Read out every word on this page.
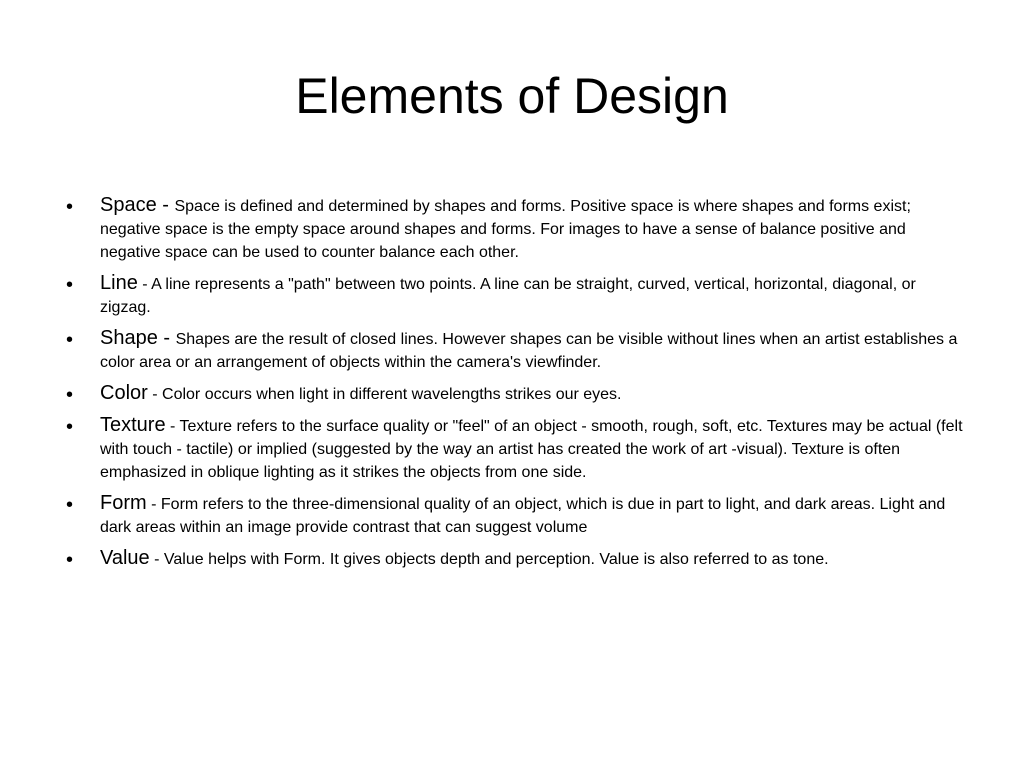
Elements of Design
• Space - Space is defined and determined by shapes and forms. Positive space is where shapes and forms exist; negative space is the empty space around shapes and forms. For images to have a sense of balance positive and negative space can be used to counter balance each other.
• Line - A line represents a "path" between two points. A line can be straight, curved, vertical, horizontal, diagonal, or zigzag.
• Shape - Shapes are the result of closed lines. However shapes can be visible without lines when an artist establishes a color area or an arrangement of objects within the camera's viewfinder.
• Color - Color occurs when light in different wavelengths strikes our eyes.
• Texture - Texture refers to the surface quality or "feel" of an object - smooth, rough, soft, etc. Textures may be actual (felt with touch - tactile) or implied (suggested by the way an artist has created the work of art -visual). Texture is often emphasized in oblique lighting as it strikes the objects from one side.
• Form - Form refers to the three-dimensional quality of an object, which is due in part to light, and dark areas. Light and dark areas within an image provide contrast that can suggest volume
• Value - Value helps with Form. It gives objects depth and perception. Value is also referred to as tone.
